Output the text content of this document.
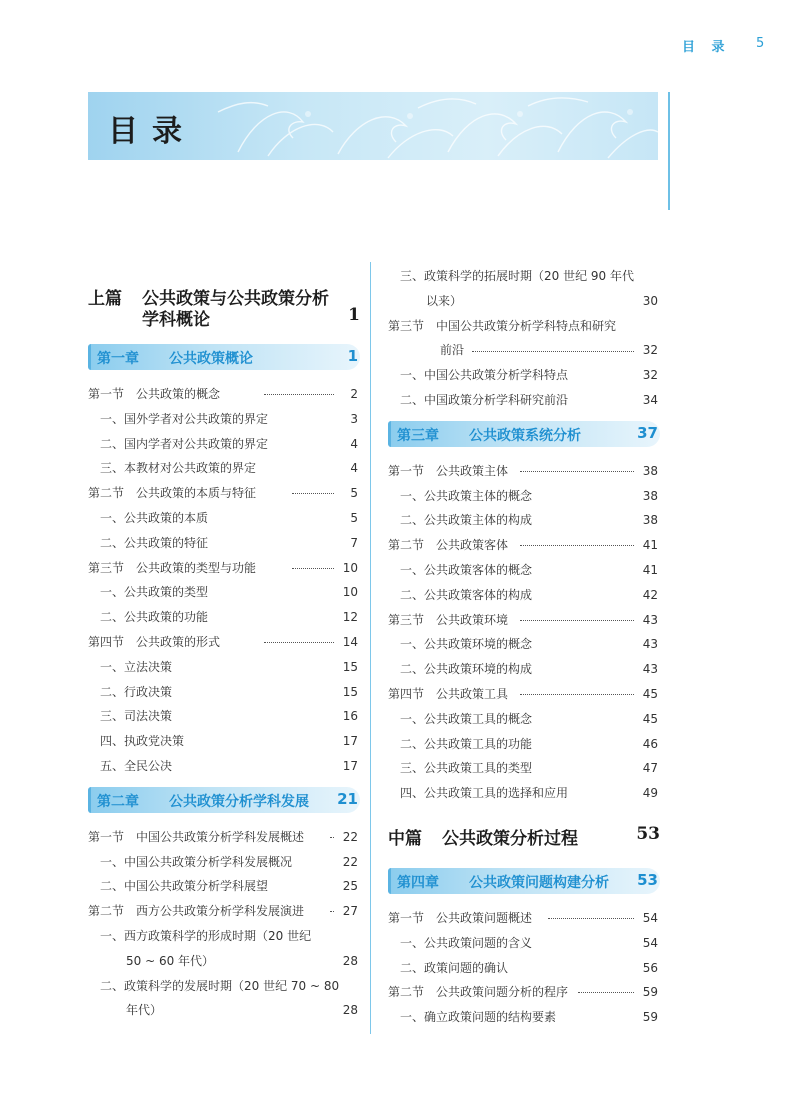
目 录 5
目录
上篇 公共政策与公共政策分析
学科概论	1
第一章 公共政策概论	1
第一节　公共政策的概念	2
一、国外学者对公共政策的界定	3
二、国内学者对公共政策的界定	4
三、本教材对公共政策的界定	4
第二节　公共政策的本质与特征	5
一、公共政策的本质	5
二、公共政策的特征	7
第三节　公共政策的类型与功能	10
一、公共政策的类型	10
二、公共政策的功能	12
第四节　公共政策的形式	14
一、立法决策	15
二、行政决策	15
三、司法决策	16
四、执政党决策	17
五、全民公决	17
第二章 公共政策分析学科发展 21
第一节　中国公共政策分析学科发展概述	22
一、中国公共政策分析学科发展概况	22
二、中国公共政策分析学科展望	25
第二节　西方公共政策分析学科发展演进	27
一、西方政策科学的形成时期（20 世纪
50 ~ 60 年代）	28
二、政策科学的发展时期（20 世纪 70 ~ 80
年代）	28
三、政策科学的拓展时期（20 世纪 90 年代
以来）	30
第三节　中国公共政策分析学科特点和研究
前沿	32
一、中国公共政策分析学科特点	32
二、中国政策分析学科研究前沿	34
第三章 公共政策系统分析	37
第一节　公共政策主体	38
一、公共政策主体的概念	38
二、公共政策主体的构成	38
第二节　公共政策客体	41
一、公共政策客体的概念	41
二、公共政策客体的构成	42
第三节　公共政策环境	43
一、公共政策环境的概念	43
二、公共政策环境的构成	43
第四节　公共政策工具	45
一、公共政策工具的概念	45
二、公共政策工具的功能	46
三、公共政策工具的类型	47
四、公共政策工具的选择和应用	49
中篇 公共政策分析过程	53
第四章 公共政策问题构建分析 53
第一节　公共政策问题概述	54
一、公共政策问题的含义	54
二、政策问题的确认	56
第二节　公共政策问题分析的程序	59
一、确立政策问题的结构要素	59
